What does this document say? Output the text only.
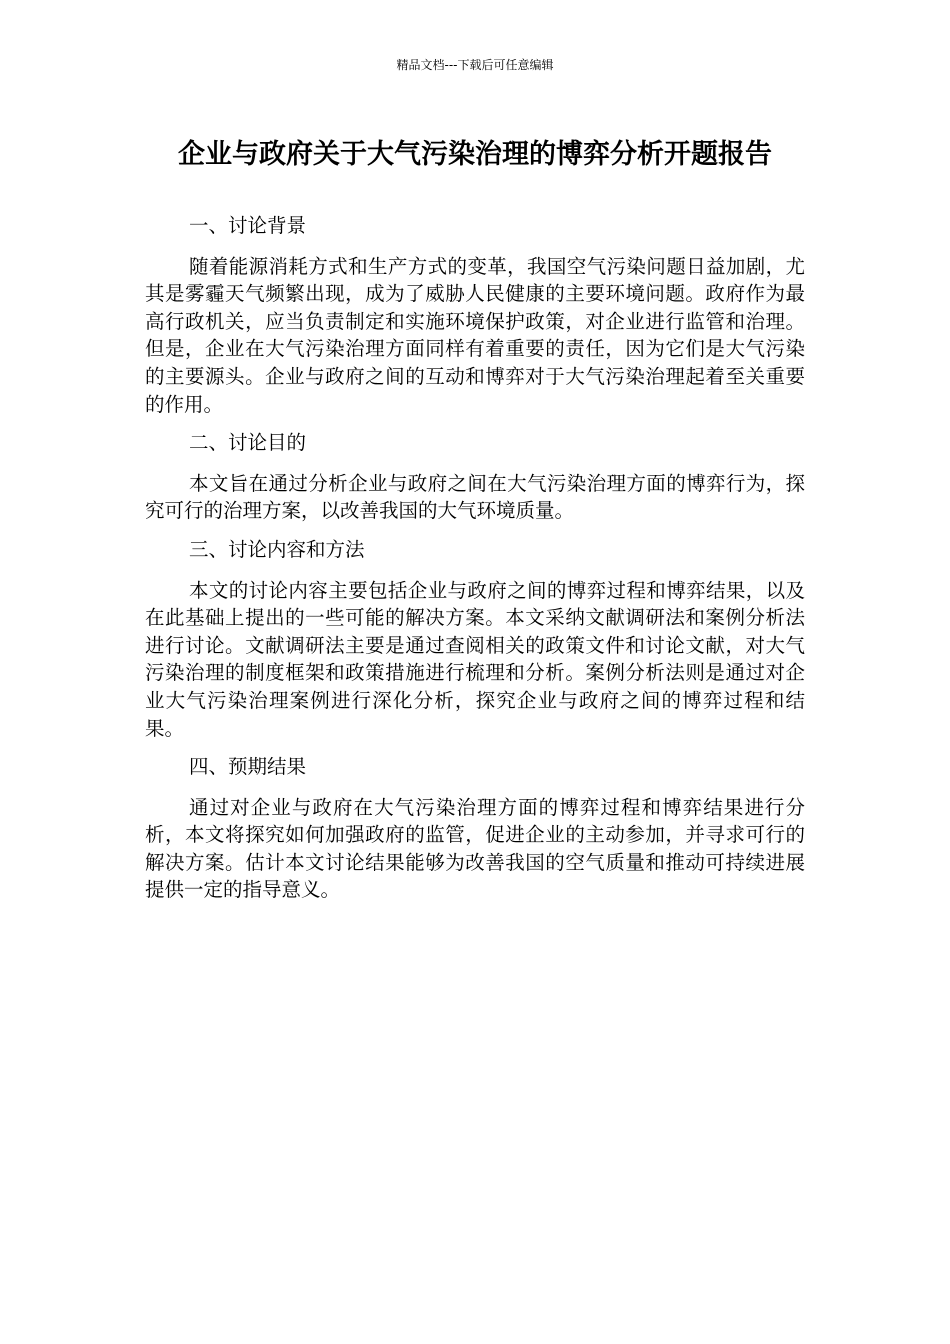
精品文档---下载后可任意编辑
企业与政府关于大气污染治理的博弈分析开题报告
一、讨论背景

随着能源消耗方式和生产方式的变革，我国空气污染问题日益加剧，尤其是雾霾天气频繁出现，成为了威胁人民健康的主要环境问题。政府作为最高行政机关，应当负责制定和实施环境保护政策，对企业进行监管和治理。但是，企业在大气污染治理方面同样有着重要的责任，因为它们是大气污染的主要源头。企业与政府之间的互动和博弈对于大气污染治理起着至关重要的作用。

二、讨论目的

本文旨在通过分析企业与政府之间在大气污染治理方面的博弈行为，探究可行的治理方案，以改善我国的大气环境质量。

三、讨论内容和方法

本文的讨论内容主要包括企业与政府之间的博弈过程和博弈结果，以及在此基础上提出的一些可能的解决方案。本文采纳文献调研法和案例分析法进行讨论。文献调研法主要是通过查阅相关的政策文件和讨论文献，对大气污染治理的制度框架和政策措施进行梳理和分析。案例分析法则是通过对企业大气污染治理案例进行深化分析，探究企业与政府之间的博弈过程和结果。

四、预期结果

通过对企业与政府在大气污染治理方面的博弈过程和博弈结果进行分析，本文将探究如何加强政府的监管，促进企业的主动参加，并寻求可行的解决方案。估计本文讨论结果能够为改善我国的空气质量和推动可持续进展提供一定的指导意义。
